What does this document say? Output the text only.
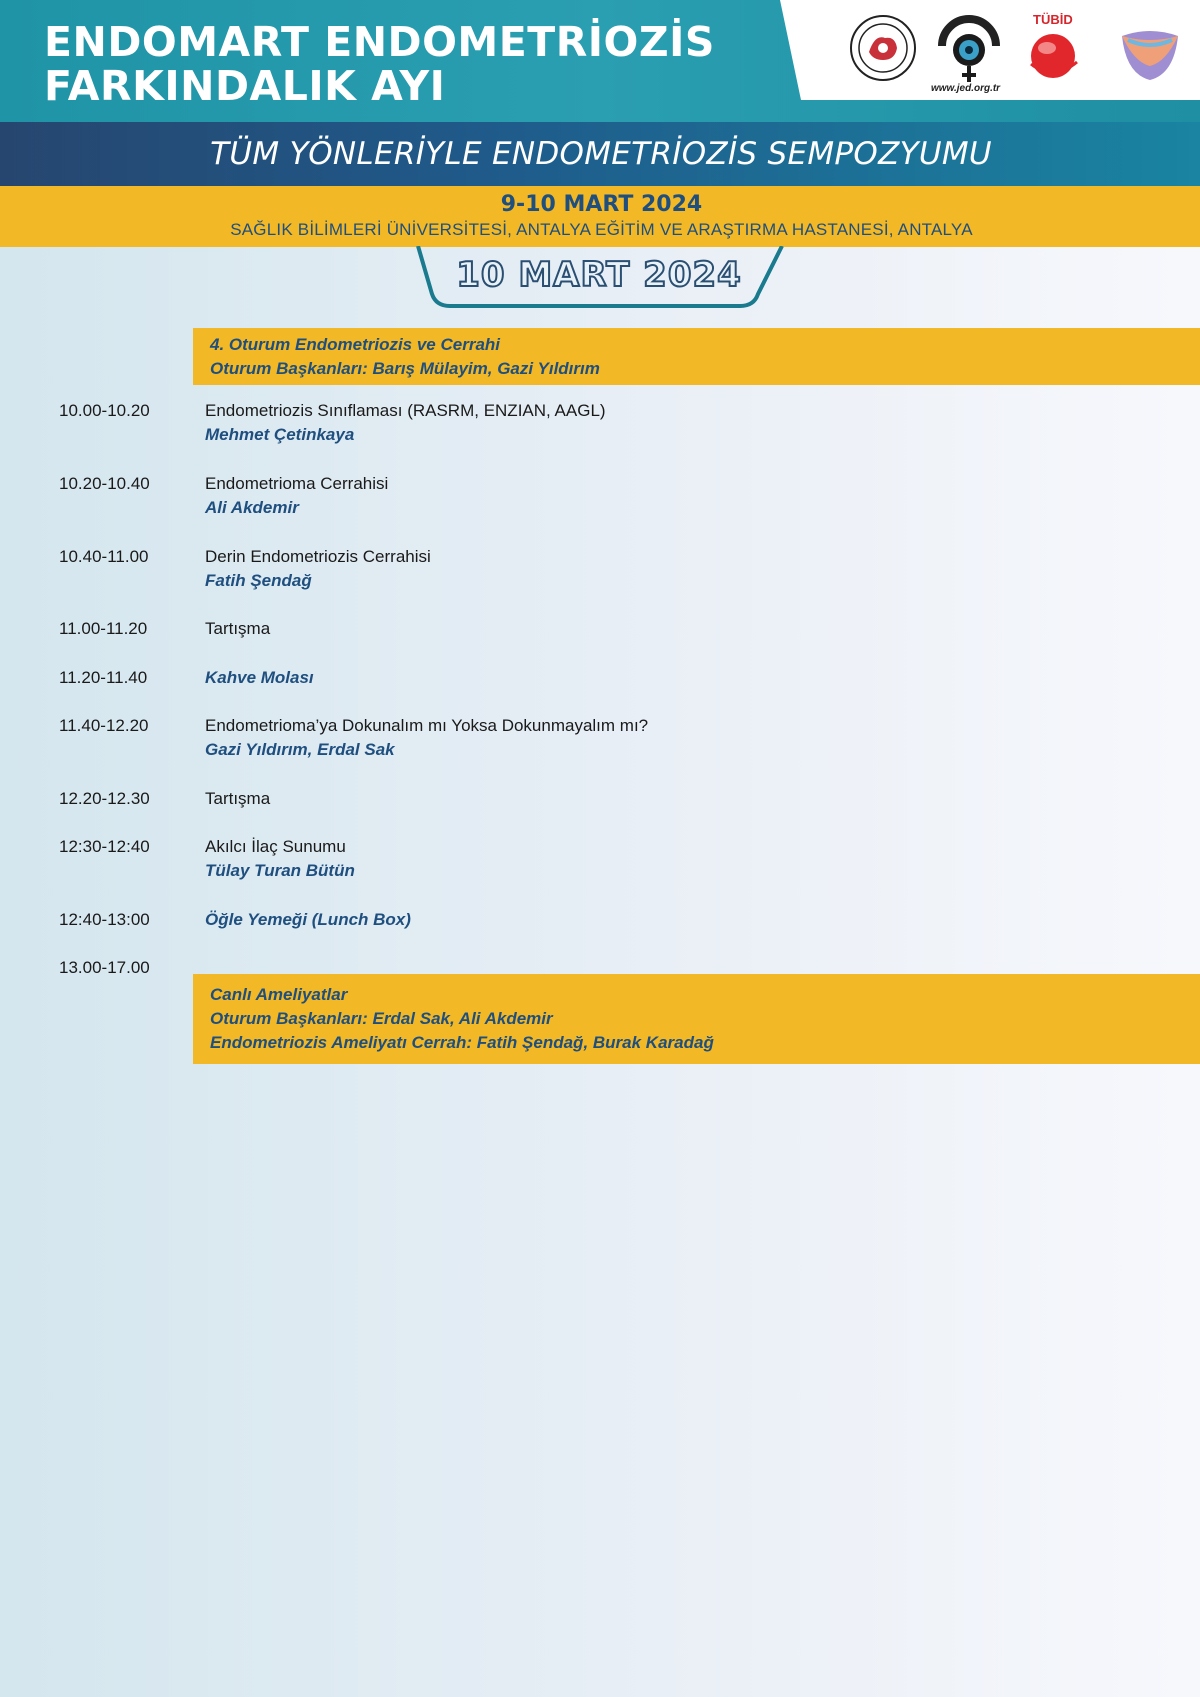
ENDOMART ENDOMETRİOZİS
FARKINDALIK AYI	www.jed.org.tr
TÜBİD
TÜM YÖNLERİYLE ENDOMETRİOZİS SEMPOZYUMU
9-10 MART 2024
SAĞLIK BİLİMLERİ ÜNİVERSİTESİ, ANTALYA EĞİTİM VE ARAŞTIRMA HASTANESİ, ANTALYA
10 MART 2024
4. Oturum Endometriozis ve Cerrahi
Oturum Başkanları: Barış Mülayim, Gazi Yıldırım
10.00-10.20	Endometriozis Sınıflaması (RASRM, ENZIAN, AAGL)
Mehmet Çetinkaya
10.20-10.40	Endometrioma Cerrahisi
Ali Akdemir
10.40-11.00	Derin Endometriozis Cerrahisi
Fatih Şendağ
11.00-11.20	Tartışma
11.20-11.40	Kahve Molası
11.40-12.20	Endometrioma’ya Dokunalım mı Yoksa Dokunmayalım mı?
Gazi Yıldırım, Erdal Sak
12.20-12.30	Tartışma
12:30-12:40	Akılcı İlaç Sunumu
Tülay Turan Bütün
12:40-13:00	Öğle Yemeği (Lunch Box)
13.00-17.00
Canlı Ameliyatlar
Oturum Başkanları: Erdal Sak, Ali Akdemir
Endometriozis Ameliyatı Cerrah: Fatih Şendağ, Burak Karadağ
